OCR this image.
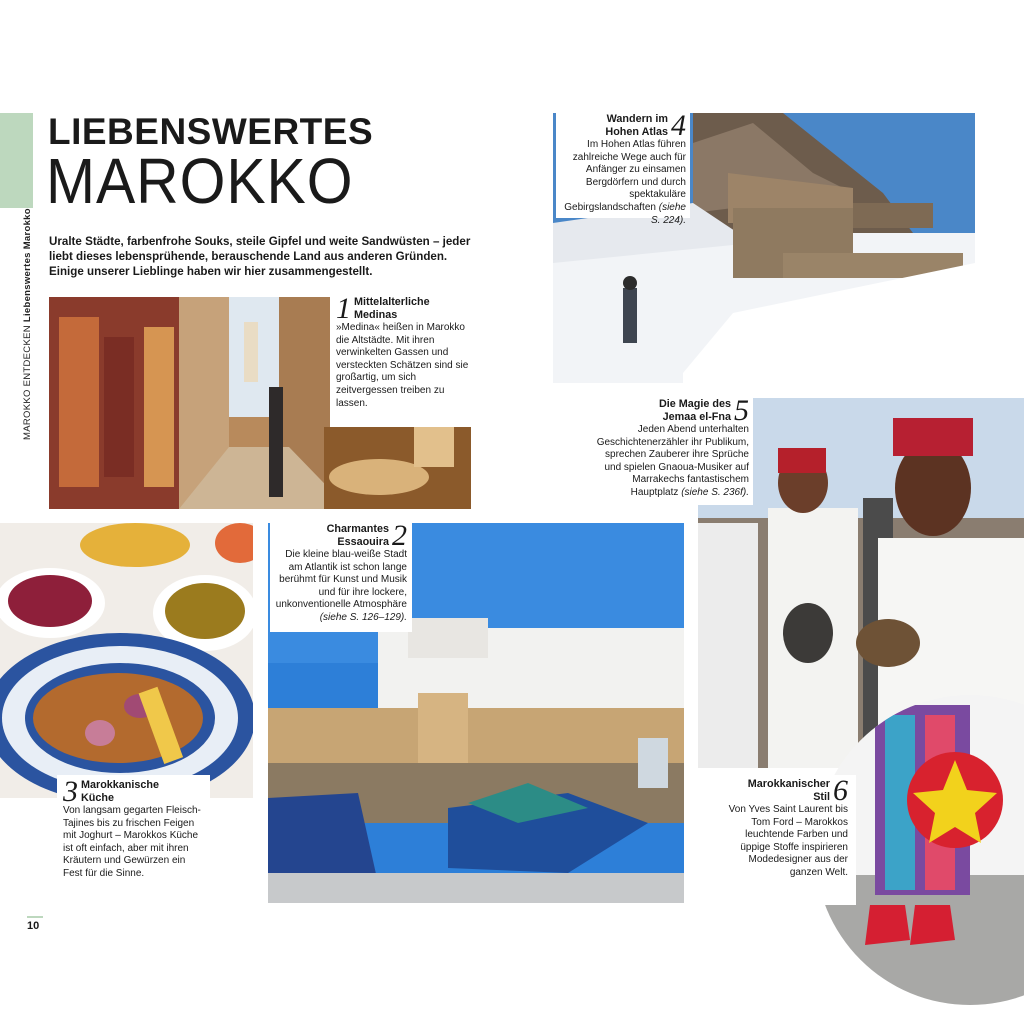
MAROKKO ENTDECKEN Liebenswertes Marokko
LIEBENSWERTES
MAROKKO
Uralte Städte, farbenfrohe Souks, steile Gipfel und weite Sandwüsten – jeder liebt dieses lebensprühende, berauschende Land aus anderen Gründen. Einige unserer Lieblinge haben wir hier zusammengestellt.
1 Mittelalterliche
Medinas
»Medina« heißen in Marokko die Altstädte. Mit ihren verwinkelten Gassen und versteckten Schätzen sind sie großartig, um sich zeitvergessen treiben zu lassen.
Wandern im
Hohen Atlas 4
Im Hohen Atlas führen zahlreiche Wege auch für Anfänger zu einsamen Bergdörfern und durch spektakuläre Gebirgslandschaften (siehe S. 224).
3 Marokkanische
Küche
Von langsam gegarten Fleisch-Tajines bis zu frischen Feigen mit Joghurt – Marokkos Küche ist oft einfach, aber mit ihren Kräutern und Gewürzen ein Fest für die Sinne.
Charmantes
Essaouira 2
Die kleine blau-weiße Stadt am Atlantik ist schon lange berühmt für Kunst und Musik und für ihre lockere, unkonventionelle Atmosphäre (siehe S. 126–129).
Die Magie des
Jemaa el-Fna 5
Jeden Abend unterhalten Geschichtenerzähler ihr Publikum, sprechen Zauberer ihre Sprüche und spielen Gnaoua-Musiker auf Marrakechs fantastischem Hauptplatz (siehe S. 236f).
Marokkanischer
Stil 6
Von Yves Saint Laurent bis Tom Ford – Marokkos leuchtende Farben und üppige Stoffe inspirieren Modedesigner aus der ganzen Welt.
10
